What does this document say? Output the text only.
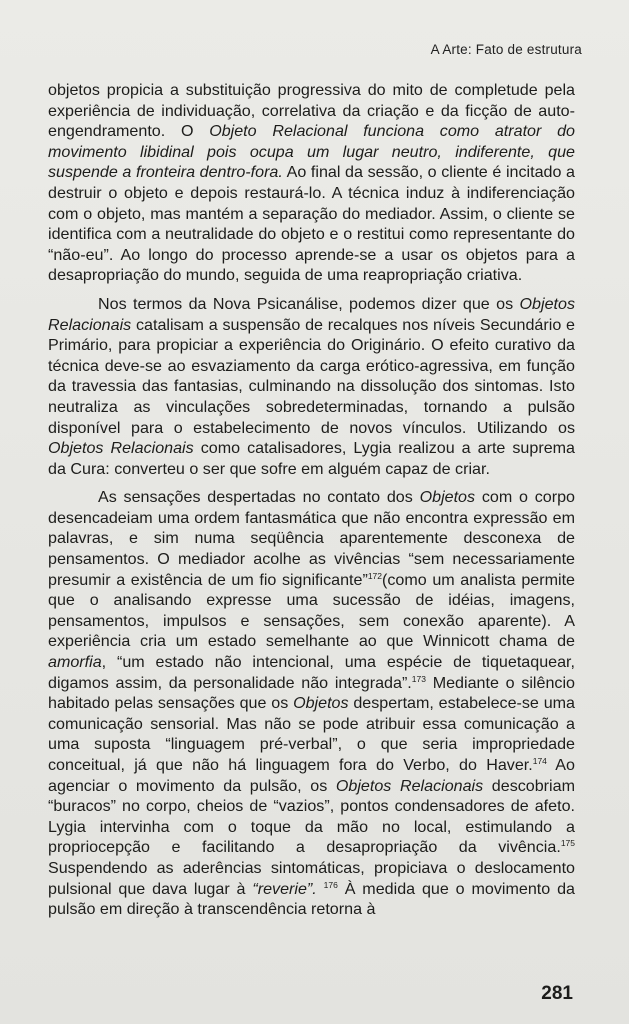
A Arte: Fato de estrutura

objetos propicia a substituição progressiva do mito de completude pela experiência de individuação, correlativa da criação e da ficção de auto-engendramento. O Objeto Relacional funciona como atrator do movimento libidinal pois ocupa um lugar neutro, indiferente, que suspende a fronteira dentro-fora. Ao final da sessão, o cliente é incitado a destruir o objeto e depois restaurá-lo. A técnica induz à indiferenciação com o objeto, mas mantém a separação do mediador. Assim, o cliente se identifica com a neutralidade do objeto e o restitui como representante do “não-eu”. Ao longo do processo aprende-se a usar os objetos para a desapropriação do mundo, seguida de uma reapropriação criativa.

Nos termos da Nova Psicanálise, podemos dizer que os Objetos Relacionais catalisam a suspensão de recalques nos níveis Secundário e Primário, para propiciar a experiência do Originário. O efeito curativo da técnica deve-se ao esvaziamento da carga erótico-agressiva, em função da travessia das fantasias, culminando na dissolução dos sintomas. Isto neutraliza as vinculações sobredeterminadas, tornando a pulsão disponível para o estabelecimento de novos vínculos. Utilizando os Objetos Relacionais como catalisadores, Lygia realizou a arte suprema da Cura: converteu o ser que sofre em alguém capaz de criar.

As sensações despertadas no contato dos Objetos com o corpo desencadeiam uma ordem fantasmática que não encontra expressão em palavras, e sim numa seqüência aparentemente desconexa de pensamentos. O mediador acolhe as vivências “sem necessariamente presumir a existência de um fio significante”$^{172}$(como um analista permite que o analisando expresse uma sucessão de idéias, imagens, pensamentos, impulsos e sensações, sem conexão aparente). A experiência cria um estado semelhante ao que Winnicott chama de amorfia, “um estado não intencional, uma espécie de tiquetaquear, digamos assim, da personalidade não integrada”.$^{173}$ Mediante o silêncio habitado pelas sensações que os Objetos despertam, estabelece-se uma comunicação sensorial. Mas não se pode atribuir essa comunicação a uma suposta “linguagem pré-verbal”, o que seria impropriedade conceitual, já que não há linguagem fora do Verbo, do Haver.$^{174}$ Ao agenciar o movimento da pulsão, os Objetos Relacionais descobriam “buracos” no corpo, cheios de “vazios”, pontos condensadores de afeto. Lygia intervinha com o toque da mão no local, estimulando a propriocepção e facilitando a desapropriação da vivência.$^{175}$ Suspendendo as aderências sintomáticas, propiciava o deslocamento pulsional que dava lugar à “reverie”. $^{176}$ À medida que o movimento da pulsão em direção à transcendência retorna à

281
